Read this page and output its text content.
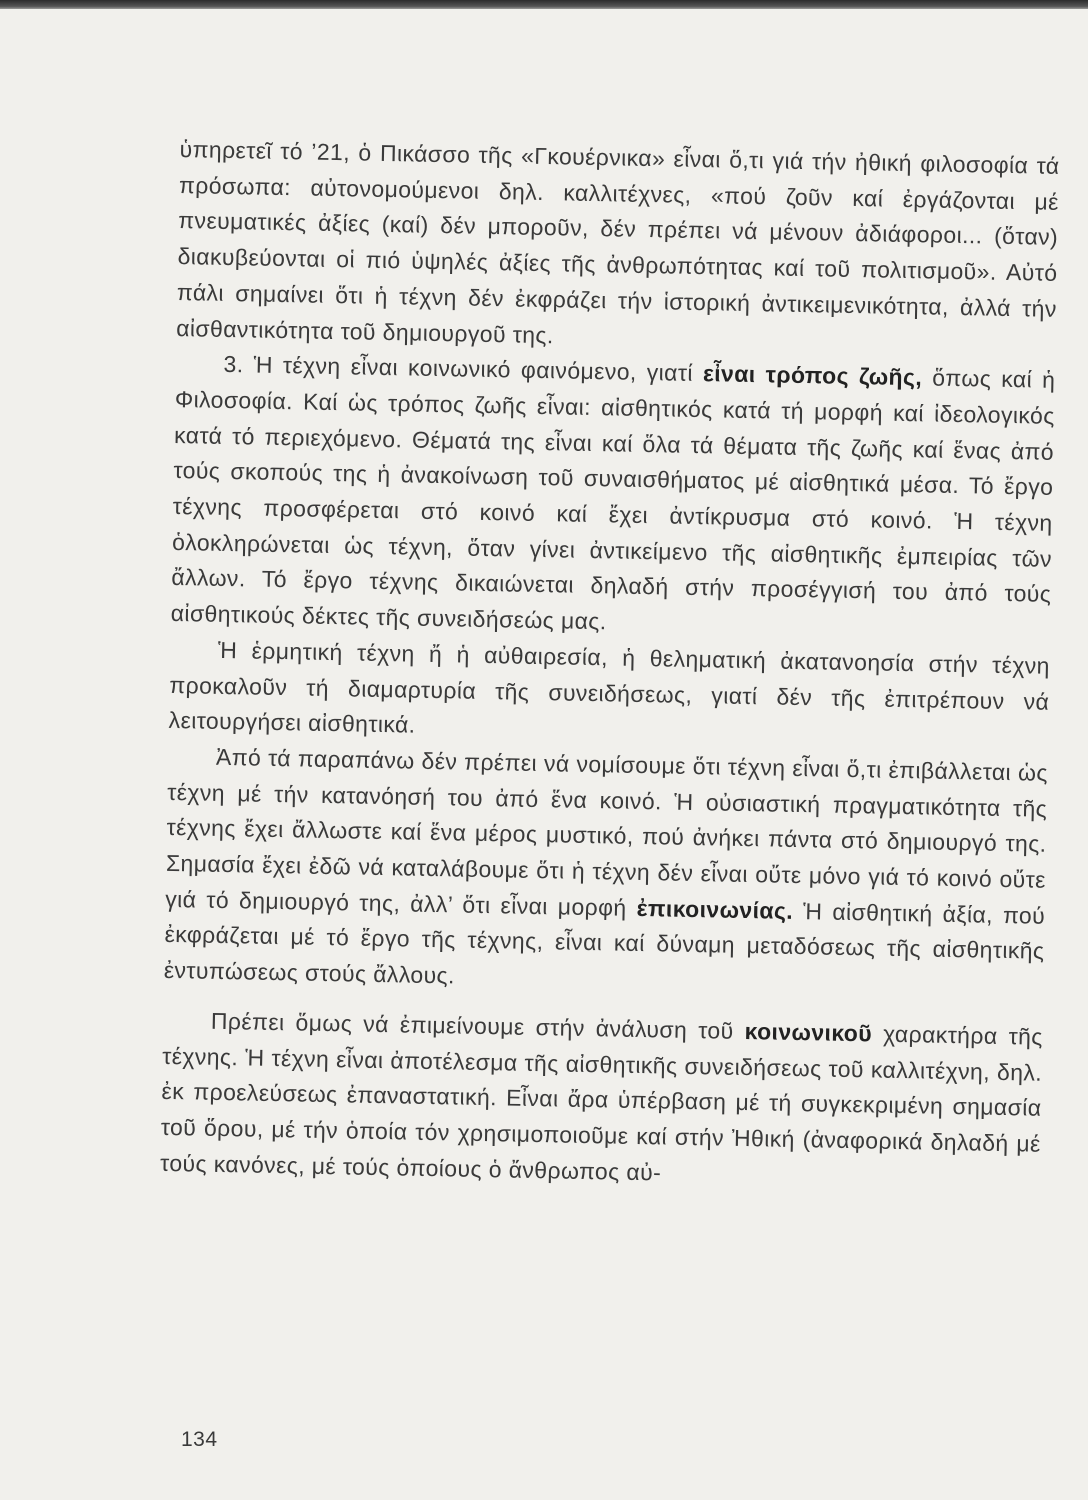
ὑπηρετεῖ τό ’21, ὁ Πικάσσο τῆς «Γκουέρνικα» εἶναι ὅ,τι γιά τήν ἠθική φιλοσοφία τά πρόσωπα: αὐτονομούμενοι δηλ. καλλιτέχνες, «πού ζοῦν καί ἐργάζονται μέ πνευματικές ἀξίες (καί) δέν μποροῦν, δέν πρέπει νά μένουν ἀδιάφοροι... (ὅταν) διακυβεύονται οἱ πιό ὑψηλές ἀξίες τῆς ἀνθρωπότητας καί τοῦ πολιτισμοῦ». Αὐτό πάλι σημαίνει ὅτι ἡ τέχνη δέν ἐκφράζει τήν ἱστορική ἀντικειμενικότητα, ἀλλά τήν αἰσθαντικότητα τοῦ δημιουργοῦ της.

3. Ἡ τέχνη εἶναι κοινωνικό φαινόμενο, γιατί εἶναι τρόπος ζωῆς, ὅπως καί ἡ Φιλοσοφία. Καί ὡς τρόπος ζωῆς εἶναι: αἰσθητικός κατά τή μορφή καί ἰδεολογικός κατά τό περιεχόμενο. Θέματά της εἶναι καί ὅλα τά θέματα τῆς ζωῆς καί ἕνας ἀπό τούς σκοπούς της ἡ ἀνακοίνωση τοῦ συναισθήματος μέ αἰσθητικά μέσα. Τό ἔργο τέχνης προσφέρεται στό κοινό καί ἔχει ἀντίκρυσμα στό κοινό. Ἡ τέχνη ὁλοκληρώνεται ὡς τέχνη, ὅταν γίνει ἀντικείμενο τῆς αἰσθητικῆς ἐμπειρίας τῶν ἄλλων. Τό ἔργο τέχνης δικαιώνεται δηλαδή στήν προσέγγισή του ἀπό τούς αἰσθητικούς δέκτες τῆς συνειδήσεώς μας.

Ἡ ἑρμητική τέχνη ἤ ἡ αὐθαιρεσία, ἡ θεληματική ἀκατανοησία στήν τέχνη προκαλοῦν τή διαμαρτυρία τῆς συνειδήσεως, γιατί δέν τῆς ἐπιτρέπουν νά λειτουργήσει αἰσθητικά.

Ἀπό τά παραπάνω δέν πρέπει νά νομίσουμε ὅτι τέχνη εἶναι ὅ,τι ἐπιβάλλεται ὡς τέχνη μέ τήν κατανόησή του ἀπό ἕνα κοινό. Ἡ οὐσιαστική πραγματικότητα τῆς τέχνης ἔχει ἄλλωστε καί ἕνα μέρος μυστικό, πού ἀνήκει πάντα στό δημιουργό της. Σημασία ἔχει ἐδῶ νά καταλάβουμε ὅτι ἡ τέχνη δέν εἶναι οὔτε μόνο γιά τό κοινό οὔτε γιά τό δημιουργό της, ἀλλ’ ὅτι εἶναι μορφή ἐπικοινωνίας. Ἡ αἰσθητική ἀξία, πού ἐκφράζεται μέ τό ἔργο τῆς τέχνης, εἶναι καί δύναμη μεταδόσεως τῆς αἰσθητικῆς ἐντυπώσεως στούς ἄλλους.

Πρέπει ὅμως νά ἐπιμείνουμε στήν ἀνάλυση τοῦ κοινωνικοῦ χαρακτήρα τῆς τέχνης. Ἡ τέχνη εἶναι ἀποτέλεσμα τῆς αἰσθητικῆς συνειδήσεως τοῦ καλλιτέχνη, δηλ. ἐκ προελεύσεως ἐπαναστατική. Εἶναι ἄρα ὑπέρβαση μέ τή συγκεκριμένη σημασία τοῦ ὅρου, μέ τήν ὁποία τόν χρησιμοποιοῦμε καί στήν Ἠθική (ἀναφορικά δηλαδή μέ τούς κανόνες, μέ τούς ὁποίους ὁ ἄνθρωπος αὐ-

134
